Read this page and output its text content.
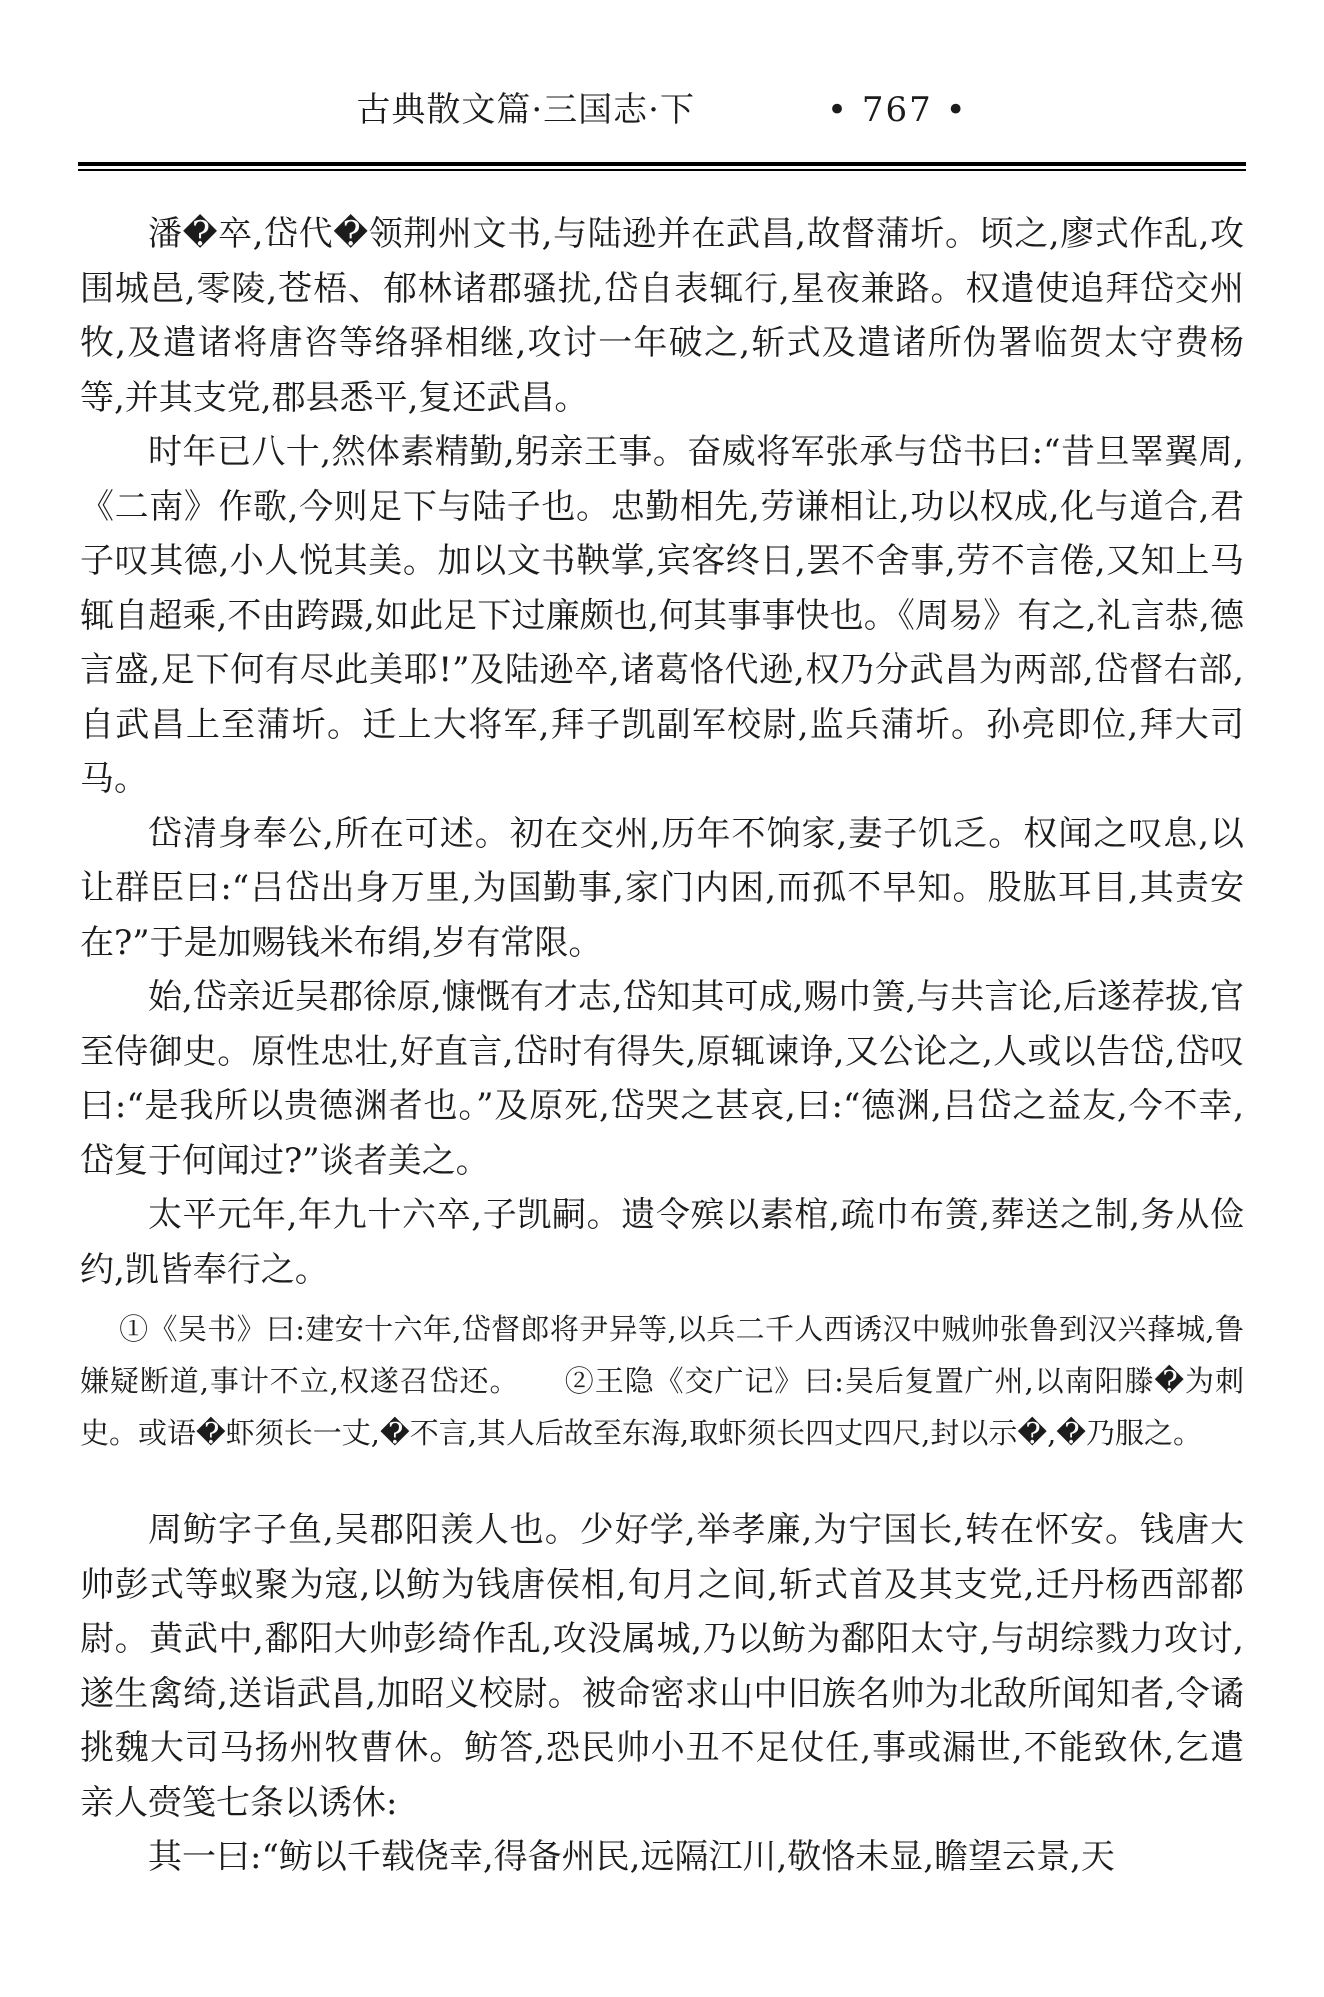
古典散文篇·三国志·下	• 767 •

潘�卒,岱代�领荆州文书,与陆逊并在武昌,故督蒲圻。顷之,廖式作乱,攻围城邑,零陵,苍梧、郁林诸郡骚扰,岱自表辄行,星夜兼路。权遣使追拜岱交州牧,及遣诸将唐咨等络驿相继,攻讨一年破之,斩式及遣诸所伪署临贺太守费杨等,并其支党,郡县悉平,复还武昌。

时年已八十,然体素精勤,躬亲王事。奋威将军张承与岱书曰:“昔旦睪翼周,《二南》作歌,今则足下与陆子也。忠勤相先,劳谦相让,功以权成,化与道合,君子叹其德,小人悦其美。加以文书鞅掌,宾客终日,罢不舍事,劳不言倦,又知上马辄自超乘,不由跨蹑,如此足下过廉颇也,何其事事快也。《周易》有之,礼言恭,德言盛,足下何有尽此美耶!”及陆逊卒,诸葛恪代逊,权乃分武昌为两部,岱督右部,自武昌上至蒲圻。迁上大将军,拜子凯副军校尉,监兵蒲圻。孙亮即位,拜大司马。

岱清身奉公,所在可述。初在交州,历年不饷家,妻子饥乏。权闻之叹息,以让群臣曰:“吕岱出身万里,为国勤事,家门内困,而孤不早知。股肱耳目,其责安在?”于是加赐钱米布绢,岁有常限。

始,岱亲近吴郡徐原,慷慨有才志,岱知其可成,赐巾箦,与共言论,后遂荐拔,官至侍御史。原性忠壮,好直言,岱时有得失,原辄谏诤,又公论之,人或以告岱,岱叹曰:“是我所以贵德渊者也。”及原死,岱哭之甚哀,曰:“德渊,吕岱之益友,今不幸,岱复于何闻过?”谈者美之。

太平元年,年九十六卒,子凯嗣。遗令殡以素棺,疏巾布箦,葬送之制,务从俭约,凯皆奉行之。

①《吴书》曰:建安十六年,岱督郎将尹异等,以兵二千人西诱汉中贼帅张鲁到汉兴萚城,鲁嫌疑断道,事计不立,权遂召岱还。　　②王隐《交广记》曰:吴后复置广州,以南阳滕�为刺史。或语�虾须长一丈,�不言,其人后故至东海,取虾须长四丈四尺,封以示�,�乃服之。

周鲂字子鱼,吴郡阳羡人也。少好学,举孝廉,为宁国长,转在怀安。钱唐大帅彭式等蚁聚为寇,以鲂为钱唐侯相,旬月之间,斩式首及其支党,迁丹杨西部都尉。黄武中,鄱阳大帅彭绮作乱,攻没属城,乃以鲂为鄱阳太守,与胡综戮力攻讨,遂生禽绮,送诣武昌,加昭义校尉。被命密求山中旧族名帅为北敌所闻知者,令谲挑魏大司马扬州牧曹休。鲂答,恐民帅小丑不足仗任,事或漏世,不能致休,乞遣亲人赍笺七条以诱休:

其一曰:“鲂以千载侥幸,得备州民,远隔江川,敬恪未显,瞻望云景,天
